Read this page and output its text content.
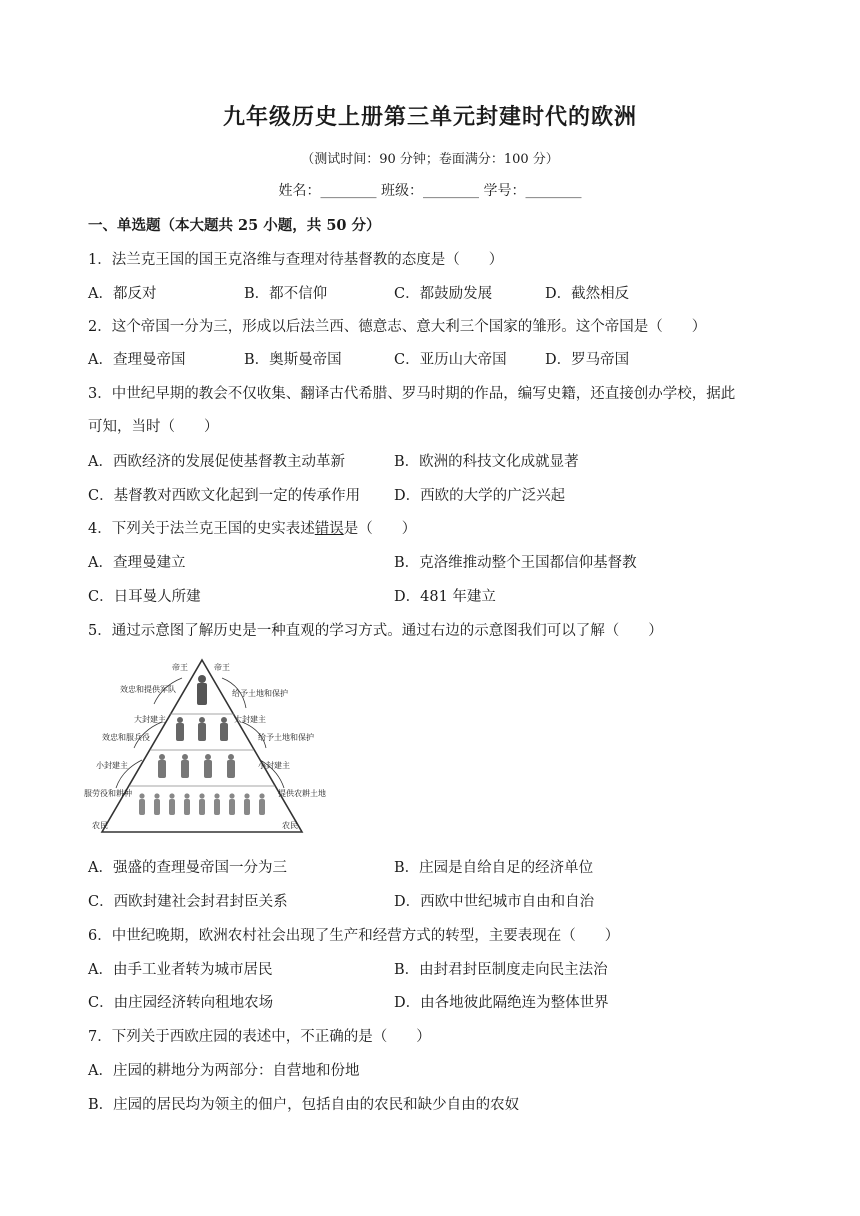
九年级历史上册第三单元封建时代的欧洲
（测试时间：90 分钟；卷面满分：100 分）
姓名：________ 班级：________ 学号：________
一、单选题（本大题共 25 小题，共 50 分）
1．法兰克王国的国王克洛维与查理对待基督教的态度是（　　）
A．都反对	B．都不信仰	C．都鼓励发展	D．截然相反
2．这个帝国一分为三，形成以后法兰西、德意志、意大利三个国家的雏形。这个帝国是（　　）
A．查理曼帝国	B．奥斯曼帝国	C．亚历山大帝国	D．罗马帝国
3．中世纪早期的教会不仅收集、翻译古代希腊、罗马时期的作品，编写史籍，还直接创办学校，据此
可知，当时（　　）
A．西欧经济的发展促使基督教主动革新	B．欧洲的科技文化成就显著
C．基督教对西欧文化起到一定的传承作用 D．西欧的大学的广泛兴起
4．下列关于法兰克王国的史实表述错误是（　　）
A．查理曼建立	B．克洛维推动整个王国都信仰基督教
C．日耳曼人所建	D．481 年建立
5．通过示意图了解历史是一种直观的学习方式。通过右边的示意图我们可以了解（　　）
帝王	帝王
效忠和提供军队	给予土地和保护
大封建主	大封建主
效忠和服兵役	给予土地和保护
小封建主	小封建主
服劳役和耕种	提供农耕土地
农民	农民
A．强盛的查理曼帝国一分为三	B．庄园是自给自足的经济单位
C．西欧封建社会封君封臣关系	D．西欧中世纪城市自由和自治
6．中世纪晚期，欧洲农村社会出现了生产和经营方式的转型，主要表现在（　　）
A．由手工业者转为城市居民	B．由封君封臣制度走向民主法治
C．由庄园经济转向租地农场	D．由各地彼此隔绝连为整体世界
7．下列关于西欧庄园的表述中，不正确的是（　　）
A．庄园的耕地分为两部分：自营地和份地
B．庄园的居民均为领主的佃户，包括自由的农民和缺少自由的农奴
